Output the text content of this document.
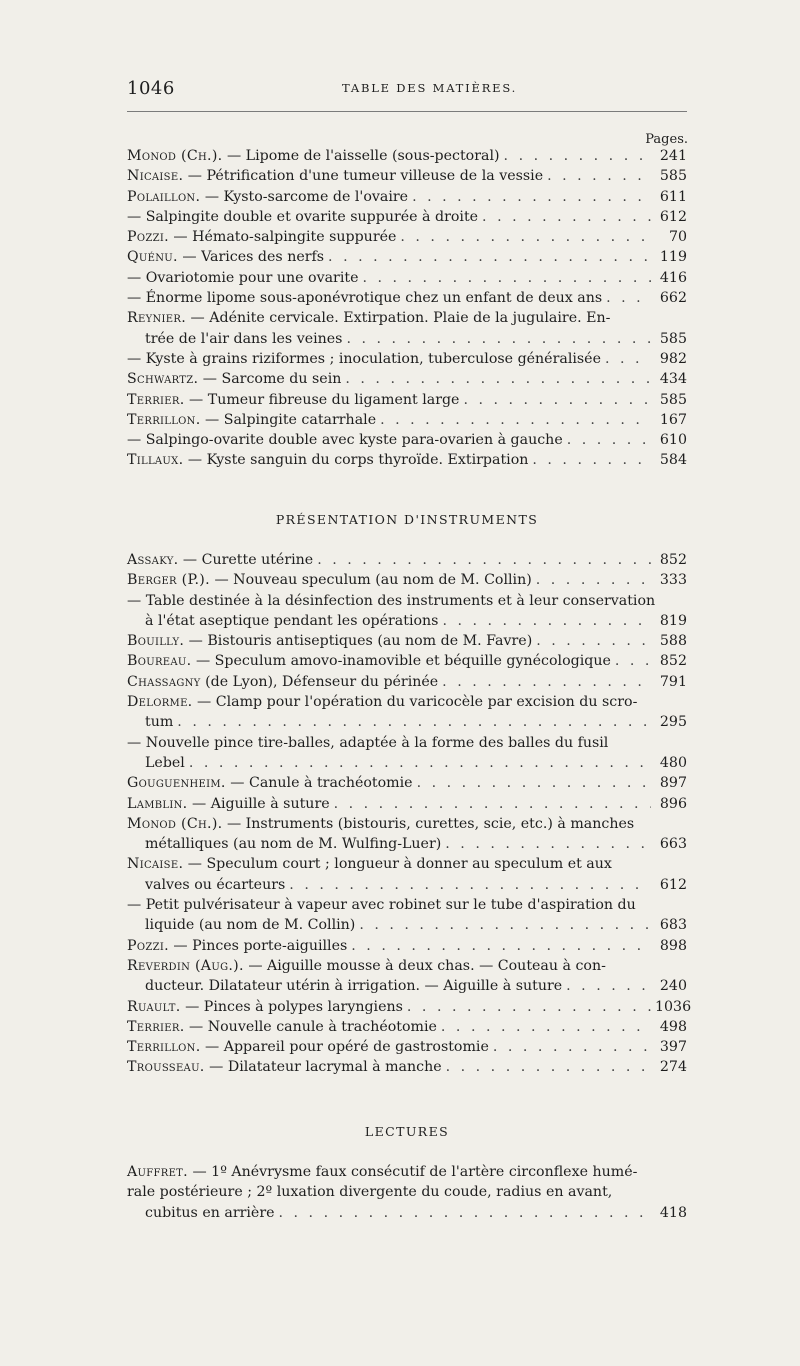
1046	TABLE DES MATIÈRES.
Pages.
Monod (Ch.). — Lipome de l'aisselle (sous-pectoral) . . .	241
Nicaise. — Pétrification d'une tumeur villeuse de la vessie . . .	585
Polaillon. — Kysto-sarcome de l'ovaire . . .	611
— Salpingite double et ovarite suppurée à droite . . .	612
Pozzi. — Hémato-salpingite suppurée . . .	70
Quénu. — Varices des nerfs . . .	119
— Ovariotomie pour une ovarite . . .	416
— Énorme lipome sous-aponévrotique chez un enfant de deux ans . . .	662
Reynier. — Adénite cervicale. Extirpation. Plaie de la jugulaire. En-
trée de l'air dans les veines . . .	585
— Kyste à grains riziformes ; inoculation, tuberculose généralisée . . .	982
Schwartz. — Sarcome du sein . . .	434
Terrier. — Tumeur fibreuse du ligament large . . .	585
Terrillon. — Salpingite catarrhale . . .	167
— Salpingo-ovarite double avec kyste para-ovarien à gauche . . .	610
Tillaux. — Kyste sanguin du corps thyroïde. Extirpation . . .	584
PRÉSENTATION D'INSTRUMENTS
Assaky. — Curette utérine . . .	852
Berger (P.). — Nouveau speculum (au nom de M. Collin) . . .	333
— Table destinée à la désinfection des instruments et à leur conservation
à l'état aseptique pendant les opérations . . .	819
Bouilly. — Bistouris antiseptiques (au nom de M. Favre) . . .	588
Boureau. — Speculum amovo-inamovible et béquille gynécologique . . .	852
Chassagny (de Lyon), Défenseur du périnée . . .	791
Delorme. — Clamp pour l'opération du varicocèle par excision du scro-
tum . . .	295
— Nouvelle pince tire-balles, adaptée à la forme des balles du fusil
Lebel . . .	480
Gouguenheim. — Canule à trachéotomie . . .	897
Lamblin. — Aiguille à suture . . .	896
Monod (Ch.). — Instruments (bistouris, curettes, scie, etc.) à manches
métalliques (au nom de M. Wulfing-Luer) . . .	663
Nicaise. — Speculum court ; longueur à donner au speculum et aux
valves ou écarteurs . . .	612
— Petit pulvérisateur à vapeur avec robinet sur le tube d'aspiration du
liquide (au nom de M. Collin) . . .	683
Pozzi. — Pinces porte-aiguilles . . .	898
Reverdin (Aug.). — Aiguille mousse à deux chas. — Couteau à con-
ducteur. Dilatateur utérin à irrigation. — Aiguille à suture . . .	240
Ruault. — Pinces à polypes laryngiens . . .	1036
Terrier. — Nouvelle canule à trachéotomie . . .	498
Terrillon. — Appareil pour opéré de gastrostomie . . .	397
Trousseau. — Dilatateur lacrymal à manche . . .	274
LECTURES
Auffret. — 1º Anévrysme faux consécutif de l'artère circonflexe humé-
rale postérieure ; 2º luxation divergente du coude, radius en avant,
cubitus en arrière . . .	418
